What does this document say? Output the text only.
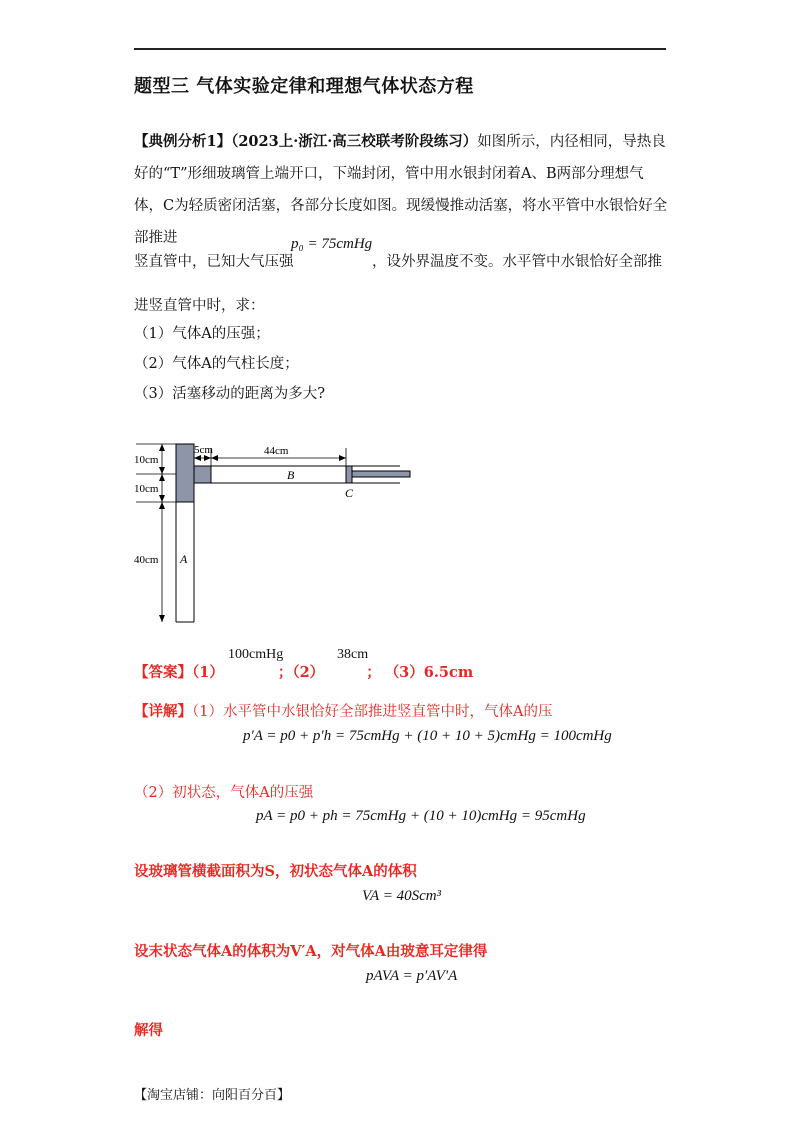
题型三 气体实验定律和理想气体状态方程
【典例分析1】（2023上·浙江·高三校联考阶段练习）如图所示，内径相同，导热良好的“T”形细玻璃管上端开口，下端封闭，管中用水银封闭着A、B两部分理想气体，C为轻质密闭活塞，各部分长度如图。现缓慢推动活塞，将水平管中水银恰好全部推进
竖直管中，已知大气压强
p₀ = 75cmHg
，设外界温度不变。水平管中水银恰好全部推
进竖直管中时，求：
（1）气体A的压强；
（2）气体A的气柱长度；
（3）活塞移动的距离为多大?
10cm
10cm
40cm
5cm	44cm
A
B
C
【答案】（1）	；（2）	； （3）6.5cm
100cmHg	38cm
【详解】（1）水平管中水银恰好全部推进竖直管中时，气体A的压
p′A = p0 + p′h = 75cmHg + (10 + 10 + 5)cmHg = 100cmHg
（2）初状态，气体A的压强
pA = p0 + ph = 75cmHg + (10 + 10)cmHg = 95cmHg
设玻璃管横截面积为S，初状态气体A的体积
VA = 40Scm³
设末状态气体A的体积为V′A，对气体A由玻意耳定律得
pAVA = p′AV′A
解得
【淘宝店铺：向阳百分百】
